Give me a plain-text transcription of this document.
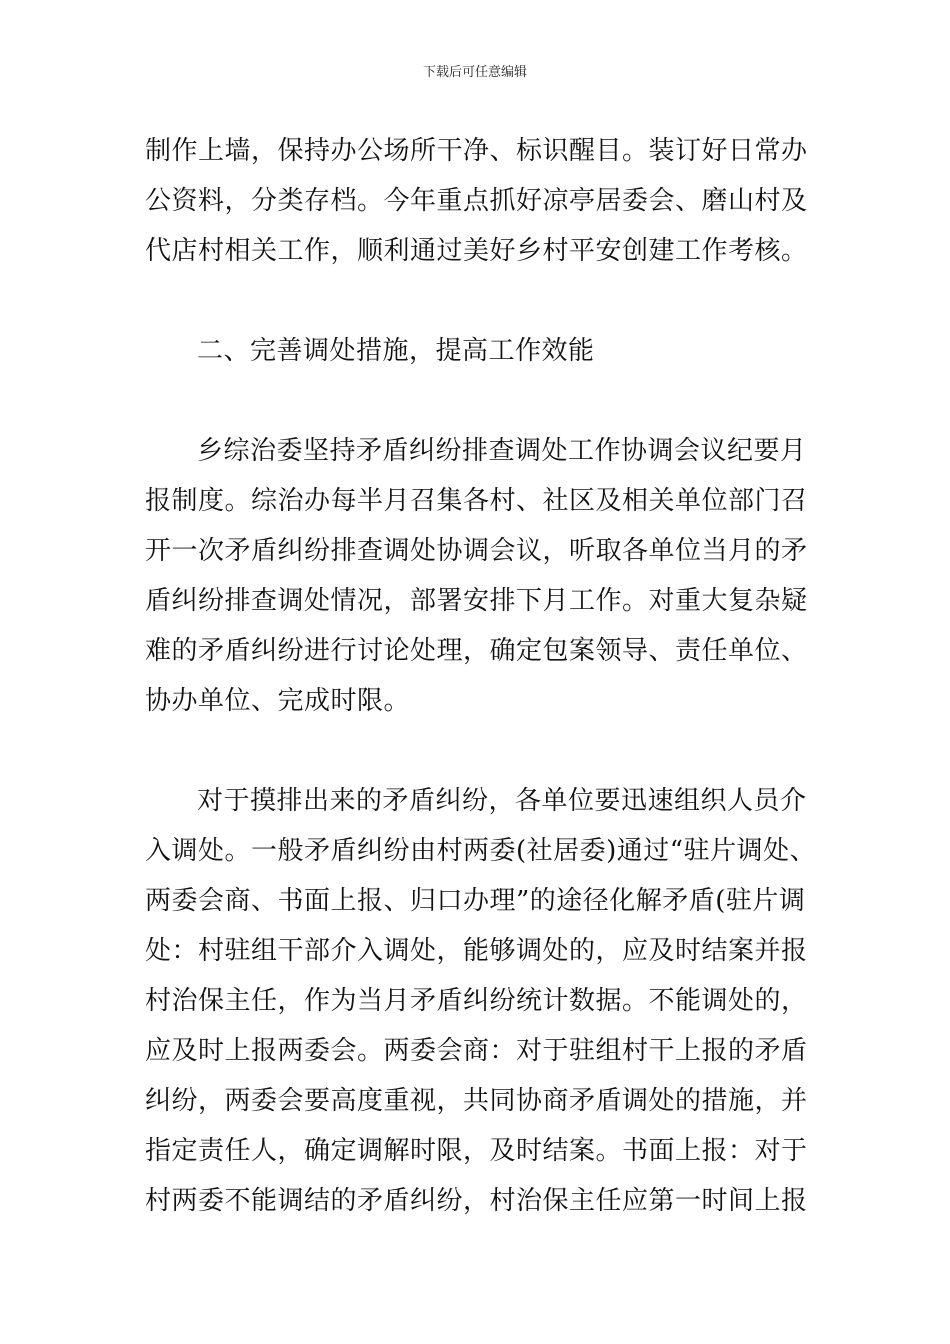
下载后可任意编辑
制作上墙，保持办公场所干净、标识醒目。装订好日常办
公资料，分类存档。今年重点抓好凉亭居委会、磨山村及
代店村相关工作，顺利通过美好乡村平安创建工作考核。
二、完善调处措施，提高工作效能
乡综治委坚持矛盾纠纷排查调处工作协调会议纪要月
报制度。综治办每半月召集各村、社区及相关单位部门召
开一次矛盾纠纷排查调处协调会议，听取各单位当月的矛
盾纠纷排查调处情况，部署安排下月工作。对重大复杂疑
难的矛盾纠纷进行讨论处理，确定包案领导、责任单位、
协办单位、完成时限。
对于摸排出来的矛盾纠纷，各单位要迅速组织人员介
入调处。一般矛盾纠纷由村两委(社居委)通过“驻片调处、
两委会商、书面上报、归口办理”的途径化解矛盾(驻片调
处：村驻组干部介入调处，能够调处的，应及时结案并报
村治保主任，作为当月矛盾纠纷统计数据。不能调处的，
应及时上报两委会。两委会商：对于驻组村干上报的矛盾
纠纷，两委会要高度重视，共同协商矛盾调处的措施，并
指定责任人，确定调解时限，及时结案。书面上报：对于
村两委不能调结的矛盾纠纷，村治保主任应第一时间上报
